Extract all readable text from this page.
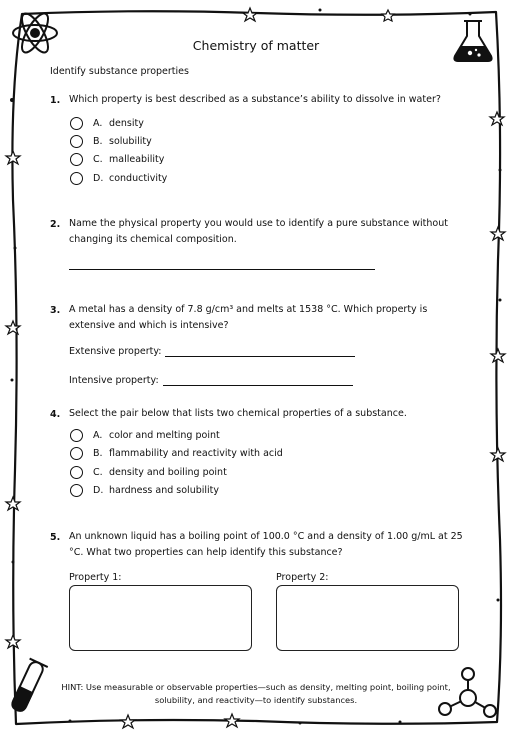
Chemistry of matter
Identify substance properties
1. Which property is best described as a substance’s ability to dissolve in water?
A. density
B. solubility
C. malleability
D. conductivity
2. Name the physical property you would use to identify a pure substance without changing its chemical composition.
3. A metal has a density of 7.8 g/cm³ and melts at 1538 °C. Which property is extensive and which is intensive?
Extensive property:
Intensive property:
4. Select the pair below that lists two chemical properties of a substance.
A. color and melting point
B. flammability and reactivity with acid
C. density and boiling point
D. hardness and solubility
5. An unknown liquid has a boiling point of 100.0 °C and a density of 1.00 g/mL at 25 °C. What two properties can help identify this substance?
Property 1:	Property 2:
HINT: Use measurable or observable properties—such as density, melting point, boiling point, solubility, and reactivity—to identify substances.
